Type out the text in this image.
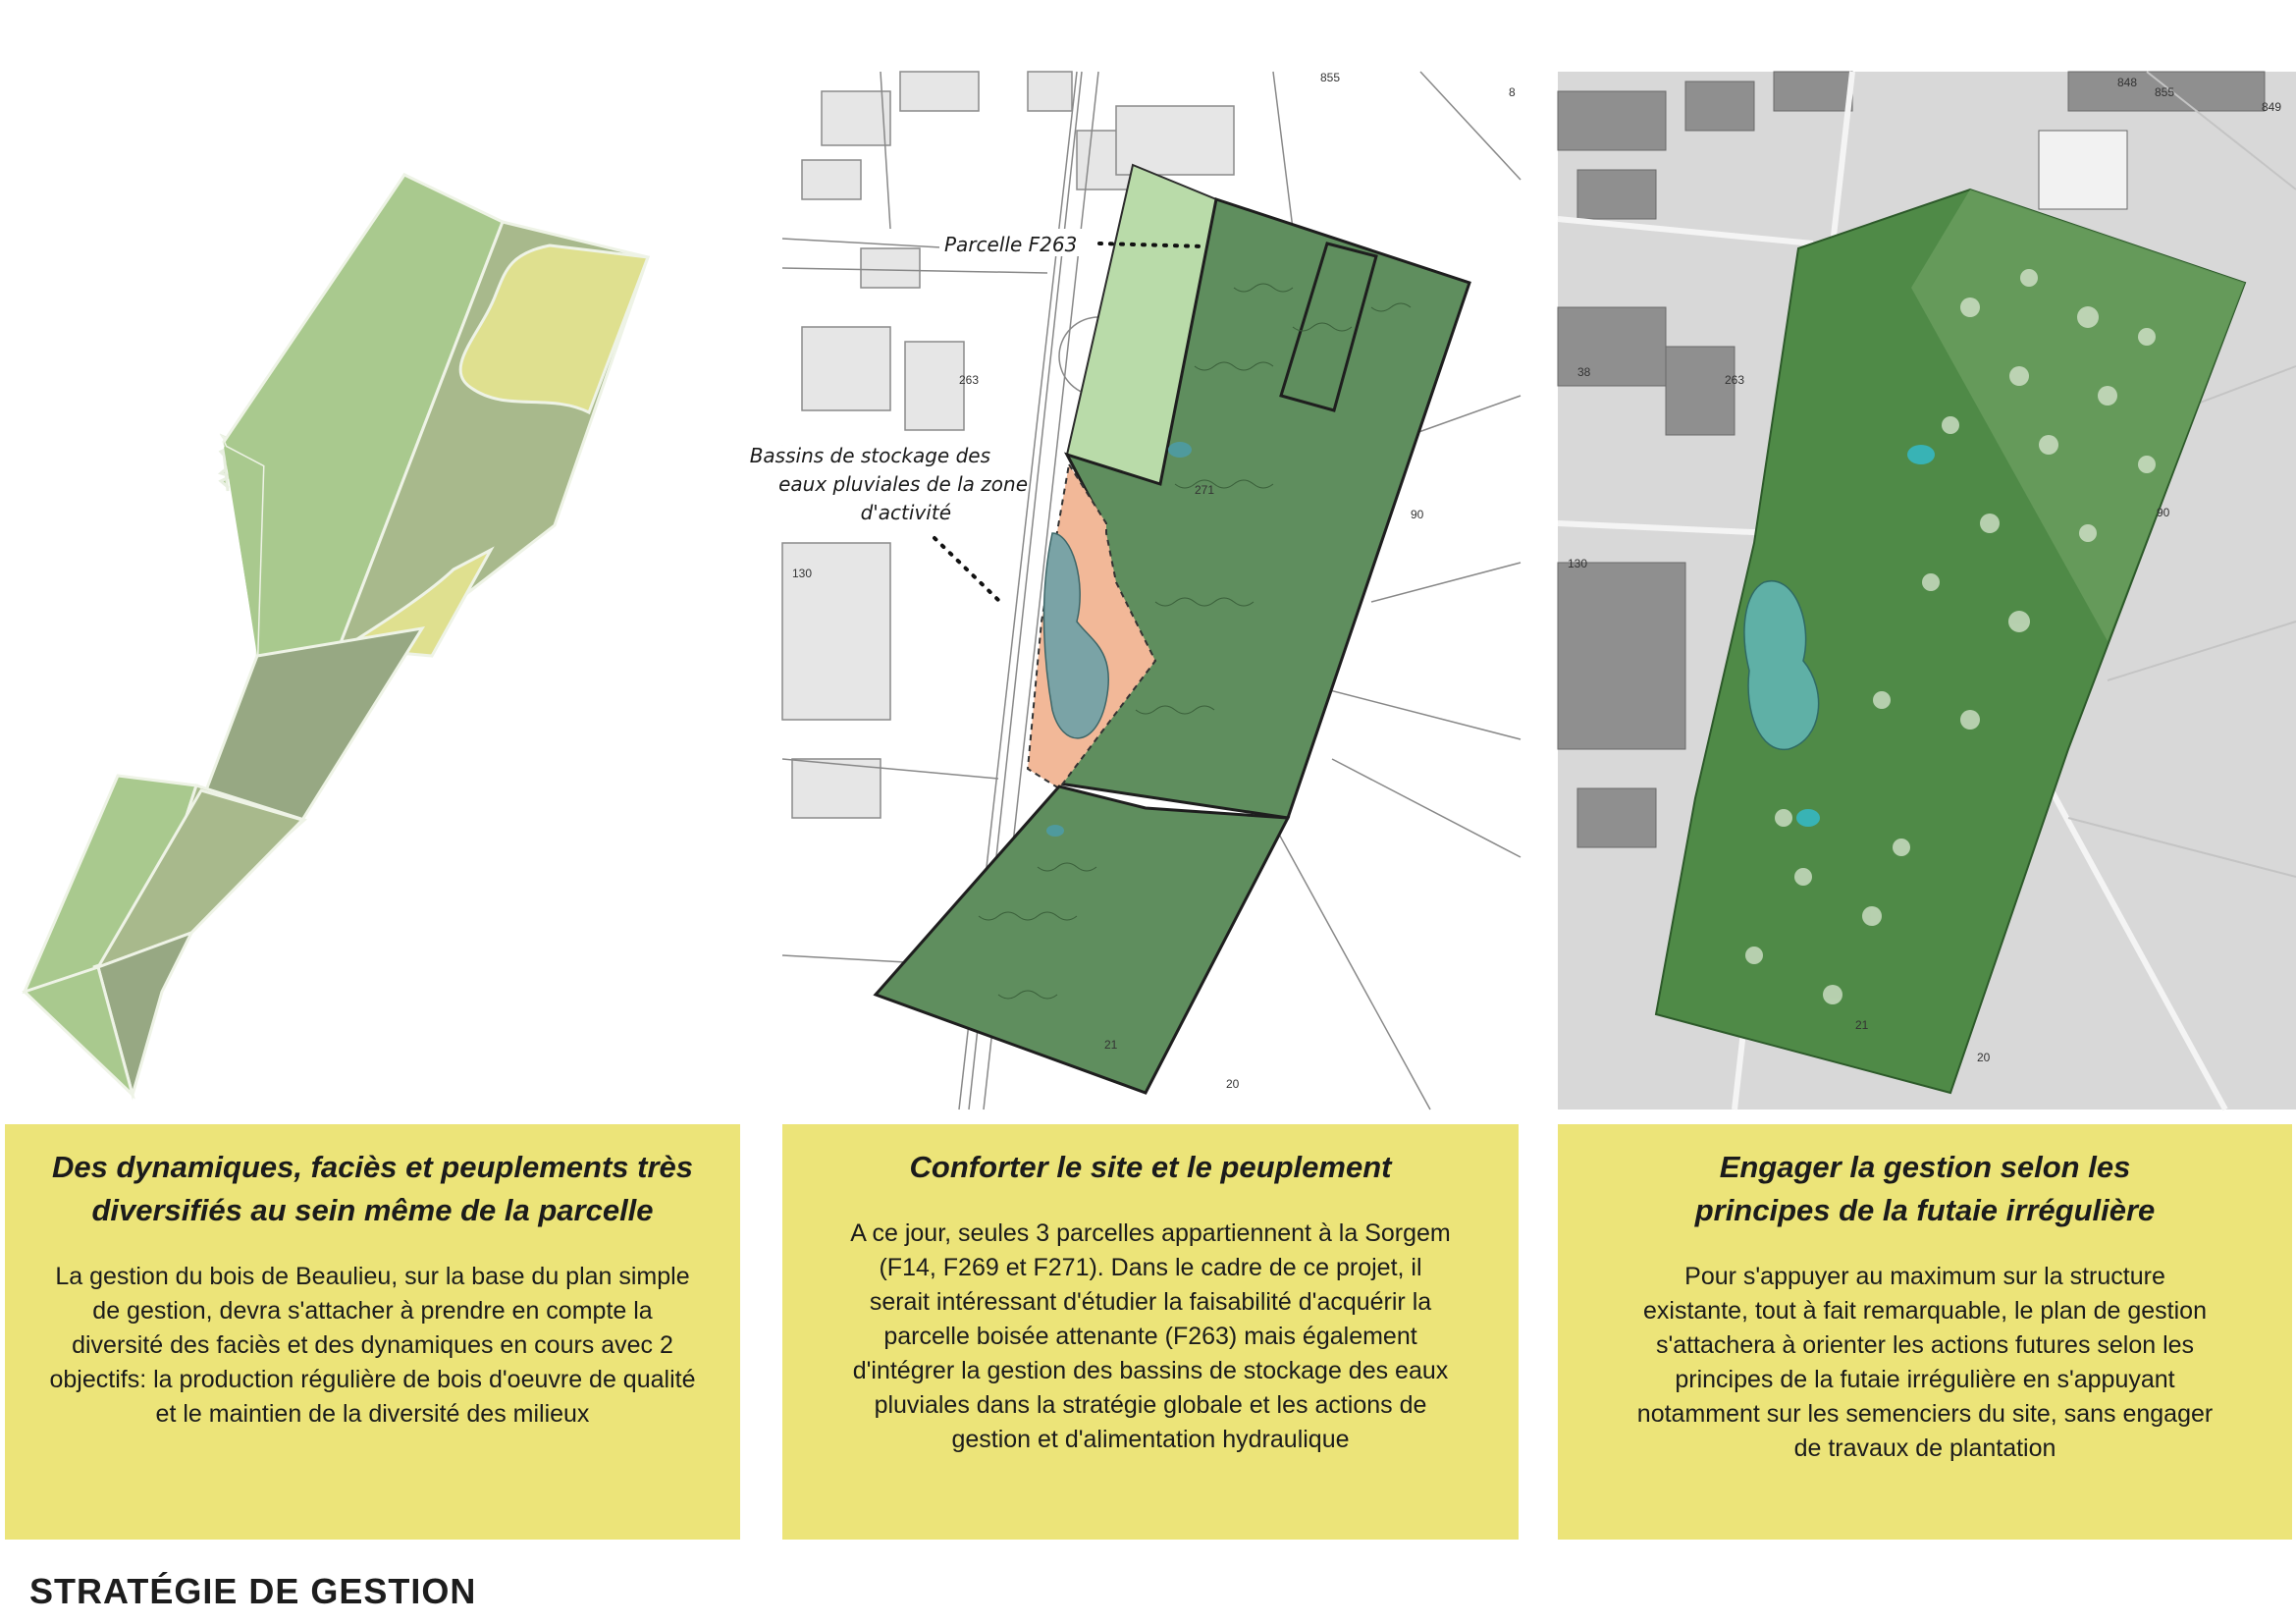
Parcelle F263
Bassins de stockage des
eaux pluviales de la zone
d'activité
8
855
90
271
21
20
263
130
849
848
855
90
21
20
263
130
38
Des dynamiques, faciès et peuplements très diversifiés au sein même de la parcelle

La gestion du bois de Beaulieu, sur la base du plan simple de gestion, devra s'attacher à prendre en compte la diversité des faciès et des dynamiques en cours avec 2 objectifs: la production régulière de bois d'oeuvre de qualité et le maintien de la diversité des milieux

Conforter le site et le peuplement

A ce jour, seules 3 parcelles appartiennent à la Sorgem (F14, F269 et F271). Dans le cadre de ce projet, il serait intéressant d'étudier la faisabilité d'acquérir la parcelle boisée attenante (F263) mais également d'intégrer la gestion des bassins de stockage des eaux pluviales dans la stratégie globale et les actions de gestion et d'alimentation hydraulique

Engager la gestion selon les principes de la futaie irrégulière

Pour s'appuyer au maximum sur la structure existante, tout à fait remarquable, le plan de gestion s'attachera à orienter les actions futures selon les principes de la futaie irrégulière en s'appuyant notamment sur les semenciers du site, sans engager de travaux de plantation

STRATÉGIE DE GESTION
